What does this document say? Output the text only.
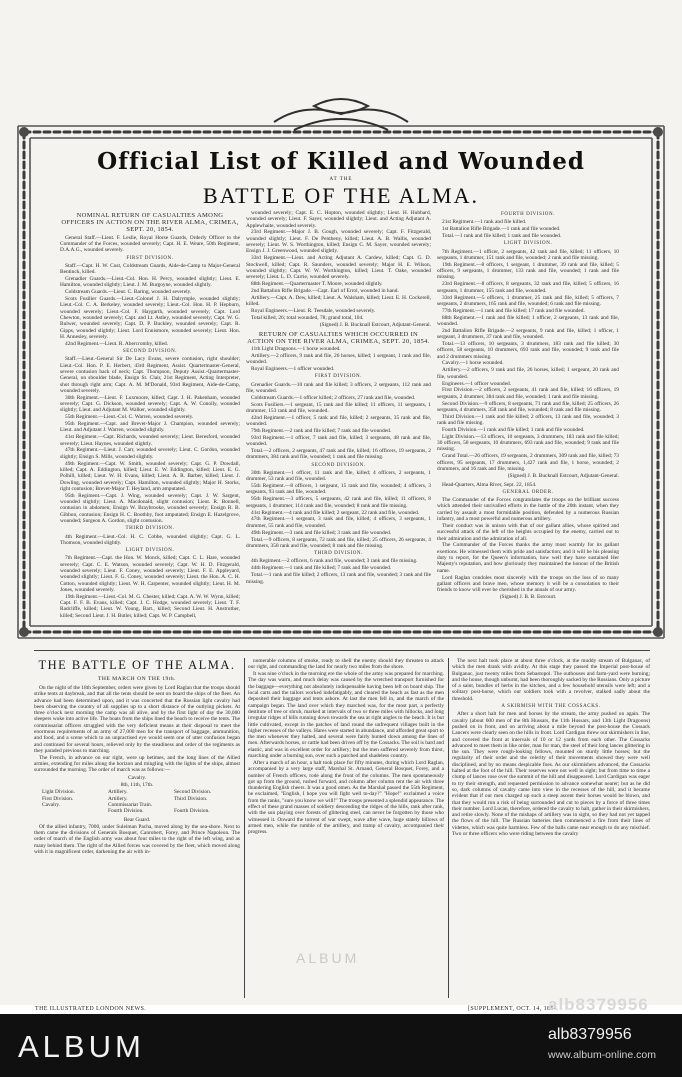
Official List of Killed and Wounded
AT THE
BATTLE OF THE ALMA.
NOMINAL RETURN OF CASUALTIES AMONG OFFICERS IN ACTION ON THE RIVER ALMA, CRIMEA, SEPT. 20, 1854.

General Staff.—Lieut. F. Leslie, Royal Horse Guards, Orderly Officer to the Commander of the Forces, wounded severely; Capt. H. E. Weare, 50th Regiment, D.A.A.G., wounded severely.

FIRST DIVISION.

Staff.—Capt. H. W. Cust, Coldstream Guards, Aide-de-Camp to Major-General Bentinck, killed.

Grenadier Guards.—Lieut.-Col. Hon. H. Percy, wounded slightly; Lieut. E. Hamilton, wounded slightly; Lieut. J. M. Burgoyne, wounded slightly.

Coldstream Guards.—Lieut. C. Baring, wounded severely.

Scots Fusilier Guards.—Lieut.-Colonel J. H. Dalrymple, wounded slightly; Lieut.-Col. C. A. Berkeley, wounded severely; Lieut.-Col. Hon. H. P. Hepburn, wounded severely; Lieut.-Col. F. Haygarth, wounded severely; Capt. Lord Chewton, wounded severely; Capt. and Lt. Astley, wounded severely; Capt. W. G. Bulwer, wounded severely; Capt. D. P. Buckley, wounded severely; Capt. R. Gipps, wounded slightly; Lieut. Lord Ennismore, wounded severely; Lieut. Hon. H. Annesley, severely.

42nd Regiment.—Lieut. R. Abercromby, killed.

SECOND DIVISION.

Staff.—Lieut.-General Sir De Lacy Evans, severe contusion, right shoulder; Lieut.-Col. Hon. P. E. Herbert, 43rd Regiment, Assist. Quartermaster-General, severe contusion back of neck; Capt. Thompson, Deputy Assist.-Quartermaster-General, on shoulder blade, Ensign St. Clair, 21st Regiment, Acting Interpreter, shot through right arm; Capt. A. M. M'Donald, 93rd Regiment, Aide-de-Camp, wounded severely.

30th Regiment.—Lieut. F. Luxmoore, killed; Capt. J. H. Pakenham, wounded severely; Capt. G. Dickson, wounded severely; Capt. A. W. Conolly, wounded slightly; Lieut. and Adjutant M. Walker, wounded slightly.

55th Regiment.—Lieut.-Col. C. Warren, wounded severely.

95th Regiment.—Capt. and Brevet-Major J. Champion, wounded severely; Lieut. and Adjutant J. Warren, wounded slightly.

41st Regiment.—Capt. Richards, wounded severely; Lieut. Beresford, wounded severely; Lieut. Haynes, wounded slightly.

47th Regiment.—Lieut. J. Carr, wounded severely; Lieut. C. Gordon, wounded slightly; Ensign S. Mills, wounded slightly.

49th Regiment.—Capt. W. Smith, wounded severely; Capt. G. P. Dowdall, killed; Capt. A. Eddington, killed; Lieut. E. W. Eddington, killed; Lieut. E. G. Polhill, killed; Lieut. W. H. Evans, killed; Lieut. A. R. Barber, killed; Lieut. J. Dowling, wounded severely; Capt. Hamilton, wounded slightly; Major H. Storks, right contusion; Brevet-Major T. Heyland, arm amputated.

95th Regiment.—Capt. J. Wing, wounded severely; Capt. J. W. Sargent, wounded slightly; Lieut. A. Macdonald, slight contusion; Lieut. R. Bonnell, contusion in abdomen; Ensign W. Braybrooke, wounded severely; Ensign R. B. Gibbon, contusion; Ensign H. C. Boothby, foot amputated; Ensign E. Hazelgrove, wounded; Surgeon A. Gordon, slight contusion.

THIRD DIVISION.

4th Regiment.—Lieut.-Col. H. C. Cobbe, wounded slightly; Capt. G. L. Thomson, wounded slightly.

LIGHT DIVISION.

7th Regiment.—Capt. the Hon. W. Monck, killed; Capt. C. L. Hare, wounded severely; Capt. C. E. Watson, wounded severely; Capt. W. H. D. Fitzgerald, wounded severely; Lieut. F. Coney, wounded severely; Lieut. F. E. Appleyard, wounded slightly; Lieut. F. G. Coney, wounded severely; Lieut. the Hon. A. C. H. Cotton, wounded slightly; Lieut. W. H. Carpenter, wounded slightly; Lieut. H. M. Jones, wounded severely.

19th Regiment.—Lieut.-Col. M. G. Chester, killed; Capt. A. W. W. Wynn, killed; Capt. F. F. B. Evans, killed; Capt. J. C. Hodge, wounded severely; Lieut. T. F. Radcliffe, killed; Lieut. W. Young, Bart., killed; Second Lieut. H. Anstruther, killed; Second Lieut. J. H. Butler, killed; Capt. W. P. Campbell,

wounded severely; Capt. E. C. Hopton, wounded slightly; Lieut. H. Hubbard, wounded severely; Lieut. F. Sayer, wounded slightly; Lieut. and Acting Adjutant A. Applewhaite, wounded severely.

23rd Regiment.—Major J. B. Gough, wounded severely; Capt. F. Fitzgerald, wounded slightly; Lieut. F. De Pentheny, killed; Lieut. A. B. Wallis, wounded severely; Lieut. W. S. Worthington, killed; Ensign C. M. Sayer, wounded severely; Ensign J. J. Greenwood, wounded slightly.

33rd Regiment.—Lieut. and Acting Adjutant A. Cardew, killed; Capt. G. D. Stockwell, killed; Capt. R. Saunders, wounded severely; Major H. E. Wilson, wounded slightly; Capt. W. W. Worthington, killed; Lieut. T. Oake, wounded severely; Lieut. L. D. Carrie, wounded severely.

88th Regiment.—Quartermaster T. Moore, wounded slightly.

2nd Battalion Rifle Brigade.—Capt. Earl of Errol, wounded in hand.

Artillery.—Capt. A. Dew, killed; Lieut. A. Walsham, killed; Lieut. E. H. Cockerell, killed.

Royal Engineers.—Lieut. R. Teesdale, wounded severely.

Total killed, 26; total wounded, 78; grand total, 104.

(Signed) J. B. Bucknall Estcourt, Adjutant-General.
RETURN OF CASUALTIES WHICH OCCURRED IN ACTION ON THE RIVER ALMA, CRIMEA, SEPT. 20, 1854.

11th Light Dragoons.—1 horse wounded.

Artillery.—2 officers, 9 rank and file, 26 horses, killed; 1 sergeant, 1 rank and file, wounded.

Royal Engineers.—1 officer wounded.

FIRST DIVISION.

Grenadier Guards.—10 rank and file killed; 3 officers, 2 sergeants, 112 rank and file, wounded.

Coldstream Guards.—1 officer killed; 2 officers, 27 rank and file, wounded.

Scots Fusiliers.—1 sergeant, 15 rank and file killed; 11 officers, 11 sergeants, 1 drummer, 153 rank and file, wounded.

42nd Regiment.—1 officer, 5 rank and file, killed; 2 sergeants, 35 rank and file, wounded.

79th Regiment.—2 rank and file killed; 7 rank and file wounded.

93rd Regiment.—1 officer, 7 rank and file, killed; 3 sergeants, 48 rank and file, wounded.

Total.—2 officers, 2 sergeants, 47 rank and file, killed; 16 officers, 19 sergeants, 2 drummers, 384 rank and file, wounded; 1 rank and file missing.

SECOND DIVISION.

30th Regiment.—1 officer, 11 rank and file, killed; 4 officers, 2 sergeants, 1 drummer, 53 rank and file, wounded.

55th Regiment.—8 officers, 1 sergeant, 15 rank and file, wounded; 4 officers, 3 sergeants, 93 rank and file, wounded.

95th Regiment.—3 officers, 5 sergeants, 42 rank and file, killed; 11 officers, 8 sergeants, 1 drummer, 114 rank and file, wounded; 8 rank and file missing.

41st Regiment.—4 rank and file killed; 2 sergeant, 22 rank and file, wounded.

47th Regiment.—1 sergeant, 3 rank and file, killed; 4 officers, 3 sergeants, 1 drummer, 55 rank and file, wounded.

49th Regiment.—3 rank and file killed; 3 rank and file wounded.

Total.—9 officers, 8 sergeants, 72 rank and file, killed; 25 officers, 26 sergeants, 4 drummers, 358 rank and file, wounded; 8 rank and file missing.

THIRD DIVISION.

4th Regiment.—2 officers, 6 rank and file, wounded; 3 rank and file missing.

44th Regiment.—1 rank and file killed; 7 rank and file wounded.

Total.—1 rank and file killed; 2 officers, 13 rank and file, wounded; 3 rank and file missing.

FOURTH DIVISION.

21st Regiment.—1 rank and file killed.

1st Battalion Rifle Brigade.—1 rank and file wounded.

Total.—1 rank and file killed; 1 rank and file wounded.

LIGHT DIVISION.

7th Regiment.—1 officer, 2 sergeants, 42 rank and file, killed; 11 officers, 10 sergeants, 1 drummer, 151 rank and file, wounded; 2 rank and file missing.

19th Regiment.—8 officers, 1 sergeant, 1 drummer, 39 rank and file, killed; 5 officers, 9 sergeants, 1 drummer, 133 rank and file, wounded; 1 rank and file missing.

23rd Regiment.—8 officers, 8 sergeants, 32 rank and file, killed; 5 officers, 16 sergeants, 1 drummer, 155 rank and file, wounded.

33rd Regiment.—5 officers, 1 drummer, 25 rank and file, killed; 5 officers, 7 sergeants, 2 drummers, 165 rank and file, wounded; 6 rank and file missing.

77th Regiment.—1 rank and file killed; 17 rank and file wounded.

88th Regiment.—1 rank and file killed; 1 officer, 2 sergeants, 13 rank and file, wounded.

2nd Battalion Rifle Brigade.—2 sergeants, 9 rank and file, killed; 1 officer, 1 sergeant, 3 drummers, 37 rank and file, wounded.

Total.—13 officers, 10 sergeants, 3 drummers, 183 rank and file killed; 30 officers, 58 sergeants, 10 drummers, 693 rank and file, wounded; 9 rank and file and 2 drummers missing.

Cavalry.—1 horse wounded.

Artillery.—2 officers, 9 rank and file, 26 horses, killed; 1 sergeant, 20 rank and file, wounded.

Engineers.—1 officer wounded.

First Division.—2 officers, 2 sergeants, 41 rank and file, killed; 16 officers, 19 sergeants, 2 drummer, 384 rank and file, wounded; 1 rank and file missing.

Second Division.—9 officers, 8 sergeants, 71 rank and file, killed; 25 officers, 26 sergeants, 4 drummers, 358 rank and file, wounded; 8 rank and file missing.

Third Division.—1 rank and file killed; 2 officers, 13 rank and file, wounded; 3 rank and file missing.

Fourth Division.—1 rank and file killed; 1 rank and file wounded.

Light Division.—13 officers, 10 sergeants, 3 drummers, 183 rank and file killed; 30 officers, 58 sergeants, 10 drummers, 693 rank and file, wounded; 9 rank and file missing.

Grand Total.—26 officers, 19 sergeants, 2 drummers, 309 rank and file, killed; 73 officers, 95 sergeants, 17 drummers, 1,427 rank and file, 1 horse, wounded; 2 drummers, and 16 rank and file, missing.

(Signed) J. B. Bucknall Estcourt, Adjutant-General.

Head-Quarters, Alma River, Sept. 22, 1854.

GENERAL ORDER.

The Commander of the Forces congratulates the troops on the brilliant success which attended their unrivalled efforts in the battle of the 20th instant, when they carried by assault a most formidable position, defended by a numerous Russian infantry, and a most powerful and numerous artillery.

Their conduct was in unison with that of our gallant allies, whose spirited and successful attack of the left of the heights occupied by the enemy, carried out to their admiration and the admiration of all.

The Commander of the Forces thanks the army most warmly for its gallant exertions. He witnessed them with pride and satisfaction; and it will be his pleasing duty to report, for the Queen's information, how well they have sustained Her Majesty's reputation, and how gloriously they maintained the honour of the British name.

Lord Raglan condoles most sincerely with the troops on the loss of so many gallant officers and brave men, whose memory it will be a consolation to their friends to know will ever be cherished in the annals of our army.

(Signed) J. B. B. Estcourt.
THE BATTLE OF THE ALMA.
THE MARCH ON THE 19th.

On the night of the 18th September, orders were given by Lord Raglan that the troops should strike tents at daybreak, and that all the tents should be sent on board the ships of the fleet. An advance had been determined upon, and it was concerted that the Russian light cavalry had been observing the country of all supplies up to a short distance of the outlying pickets. At three o'clock next morning the camp was all alive, and by the first light of day the 30,000 sleepers woke into active life. The boats from the ships lined the beach to receive the tents. The commissariat officers struggled with the very deficient means at their disposal to meet the enormous requirements of an army of 27,000 men for the transport of baggage, ammunition, and food, and a scene which to an unpractised eye would seem one of utter confusion began and continued for several hours, relieved only by the steadiness and order of the regiments as they paraded previous to marching.

The French, in advance on our right, were up betimes, and the long lines of the Allied armies, extending for miles along the horizon and mingling with the lights of the ships, almost surrounded the morning. The order of march was as follows:—

Cavalry.
8th, 11th, 17th.
Light Division.	Artillery.	Second Division.
First Division.	Artillery.	Third Division.
Cavalry.	Commissariat Train.
Fourth Division.	Fourth Division.
Rear Guard.

Of the allied infantry, 7000, under Suleiman Pacha, moved along by the sea-shore. Next to them came the divisions of Generals Bosquet, Canrobert, Forey, and Prince Napoleon. The order of march of the English army was about four miles to the right of the left wing, and as many behind them. The right of the Allied forces was covered by the fleet, which moved along with it in magnificent order, darkening the air with in-

numerable columns of smoke, ready to shell the enemy should they threaten to attack our right, and commanding the land for nearly two miles from the shore.

It was nine o'clock in the morning ere the whole of the army was prepared for marching. The day was warm, and much delay was caused by the wretched transport furnished for the baggage—everything not absolutely indispensable having been left on board ship. The local carts and the tailors worked indefatigably, and cleared the beach as fast as the men deposited their baggage and tents ashore. At last the men fell in, and the march of the campaign began. The land over which they marched was, for the most part, a perfectly destitute of tree or shrub, marked at intervals of two or three miles with hillocks, and long irregular ridges of hills running down towards the sea at right angles to the beach. It is but little cultivated, except in the patches of land round the unfrequent villages built in the higher recesses of the valleys. Hares were started in abundance, and afforded great sport to the men whenever they halted, and several were fairly hunted down among the lines of men. Afterwards horses, or cattle had been driven off by the Cossacks. The soil is hard and elastic, and was in excellent order for artillery; but the men suffered severely from thirst, marching under a burning sun, over such a parched and shadeless country.

After a march of an hour, a halt took place for fifty minutes, during which Lord Raglan, accompanied by a very large staff, Marshal St. Arnaud, General Bosquet, Forey, and a number of French officers, rode along the front of the columns. The men spontaneously got up from the ground, rushed forward, and column after column rent the air with three thundering English cheers. It was a good omen. As the Marshal passed the 55th Regiment, he exclaimed, "English, I hope you will fight well to-day?" "Hope!" exclaimed a voice from the ranks, "sure you know we will!" The troops presented a splendid appearance. The effect of these grand masses of soldiery descending the ridges of the hills, rank after rank, with the sun playing over forests of glittering steel, can never be forgotten by those who witnessed it. Onward the torrent of war swept, wave after wave, huge stately billows of armed men, while the rumble of the artillery, and tramp of cavalry, accompanied their progress.

The next halt took place at about three o'clock, at the muddy stream of Bulganac, of which the men drank with avidity. At this stage they passed the Imperial post-house of Bulganac, just twenty miles from Sebastopol. The outhouses and farm-yard were burning; and the house, though unburnt, had been thoroughly sacked by the Russians. Only a picture of a saint, bundles of herbs in the kitchen, and a few household utensils were left; and a solitary post-horse, which our soldiers took with a revolver, stalked sadly about the threshold.

A SKIRMISH WITH THE COSSACKS.

After a short halt for men and horses by the stream, the army pushed on again. The cavalry (about 600 men of the 8th Hussars, the 11th Hussars, and 13th Light Dragoons) pushed on in front, and on arriving about a mile beyond the post-house the Cossack Lancers were clearly seen on the hills in front. Lord Cardigan threw out skirmishers in line, and covered the front at intervals of 10 or 12 yards from each other. The Cossacks advanced to meet them in like order, man for man, the steel of their long lances glittering in the sun. They were rough-looking fellows, mounted on sturdy little horses; but the regularity of their order and the celerity of their movements showed they were well disciplined, and by no means despicable foes. As our skirmishers advanced, the Cossacks halted at the foot of the hill. Their reserves were not well in sight; but from time to time a clump of lances rose over the summit of the hill and disappeared. Lord Cardigan was eager to try their strength, and requested permission to advance somewhat nearer; but as he did so, dark columns of cavalry came into view in the recesses of the hill, and it became evident that if our men charged up such a steep ascent their horses would be blown, and that they would run a risk of being surrounded and cut to pieces by a force of three times their number. Lord Lucan, therefore, ordered the cavalry to halt, gather in their skirmishers, and retire slowly. None of the mishaps of artillery was in sight, so they had not yet tapped the flows of the hill. The Russian batteries then commenced a fire from their lines of videttes, which was quite harmless. Few of the balls came near enough to do any mischief. Two or three officers who were riding between the cavalry

ALBUM
THE ILLUSTRATED LONDON NEWS.	[SUPPLEMENT, OCT. 14, 1854
alb8379956
ALBUM	alb8379956
www.album-online.com
